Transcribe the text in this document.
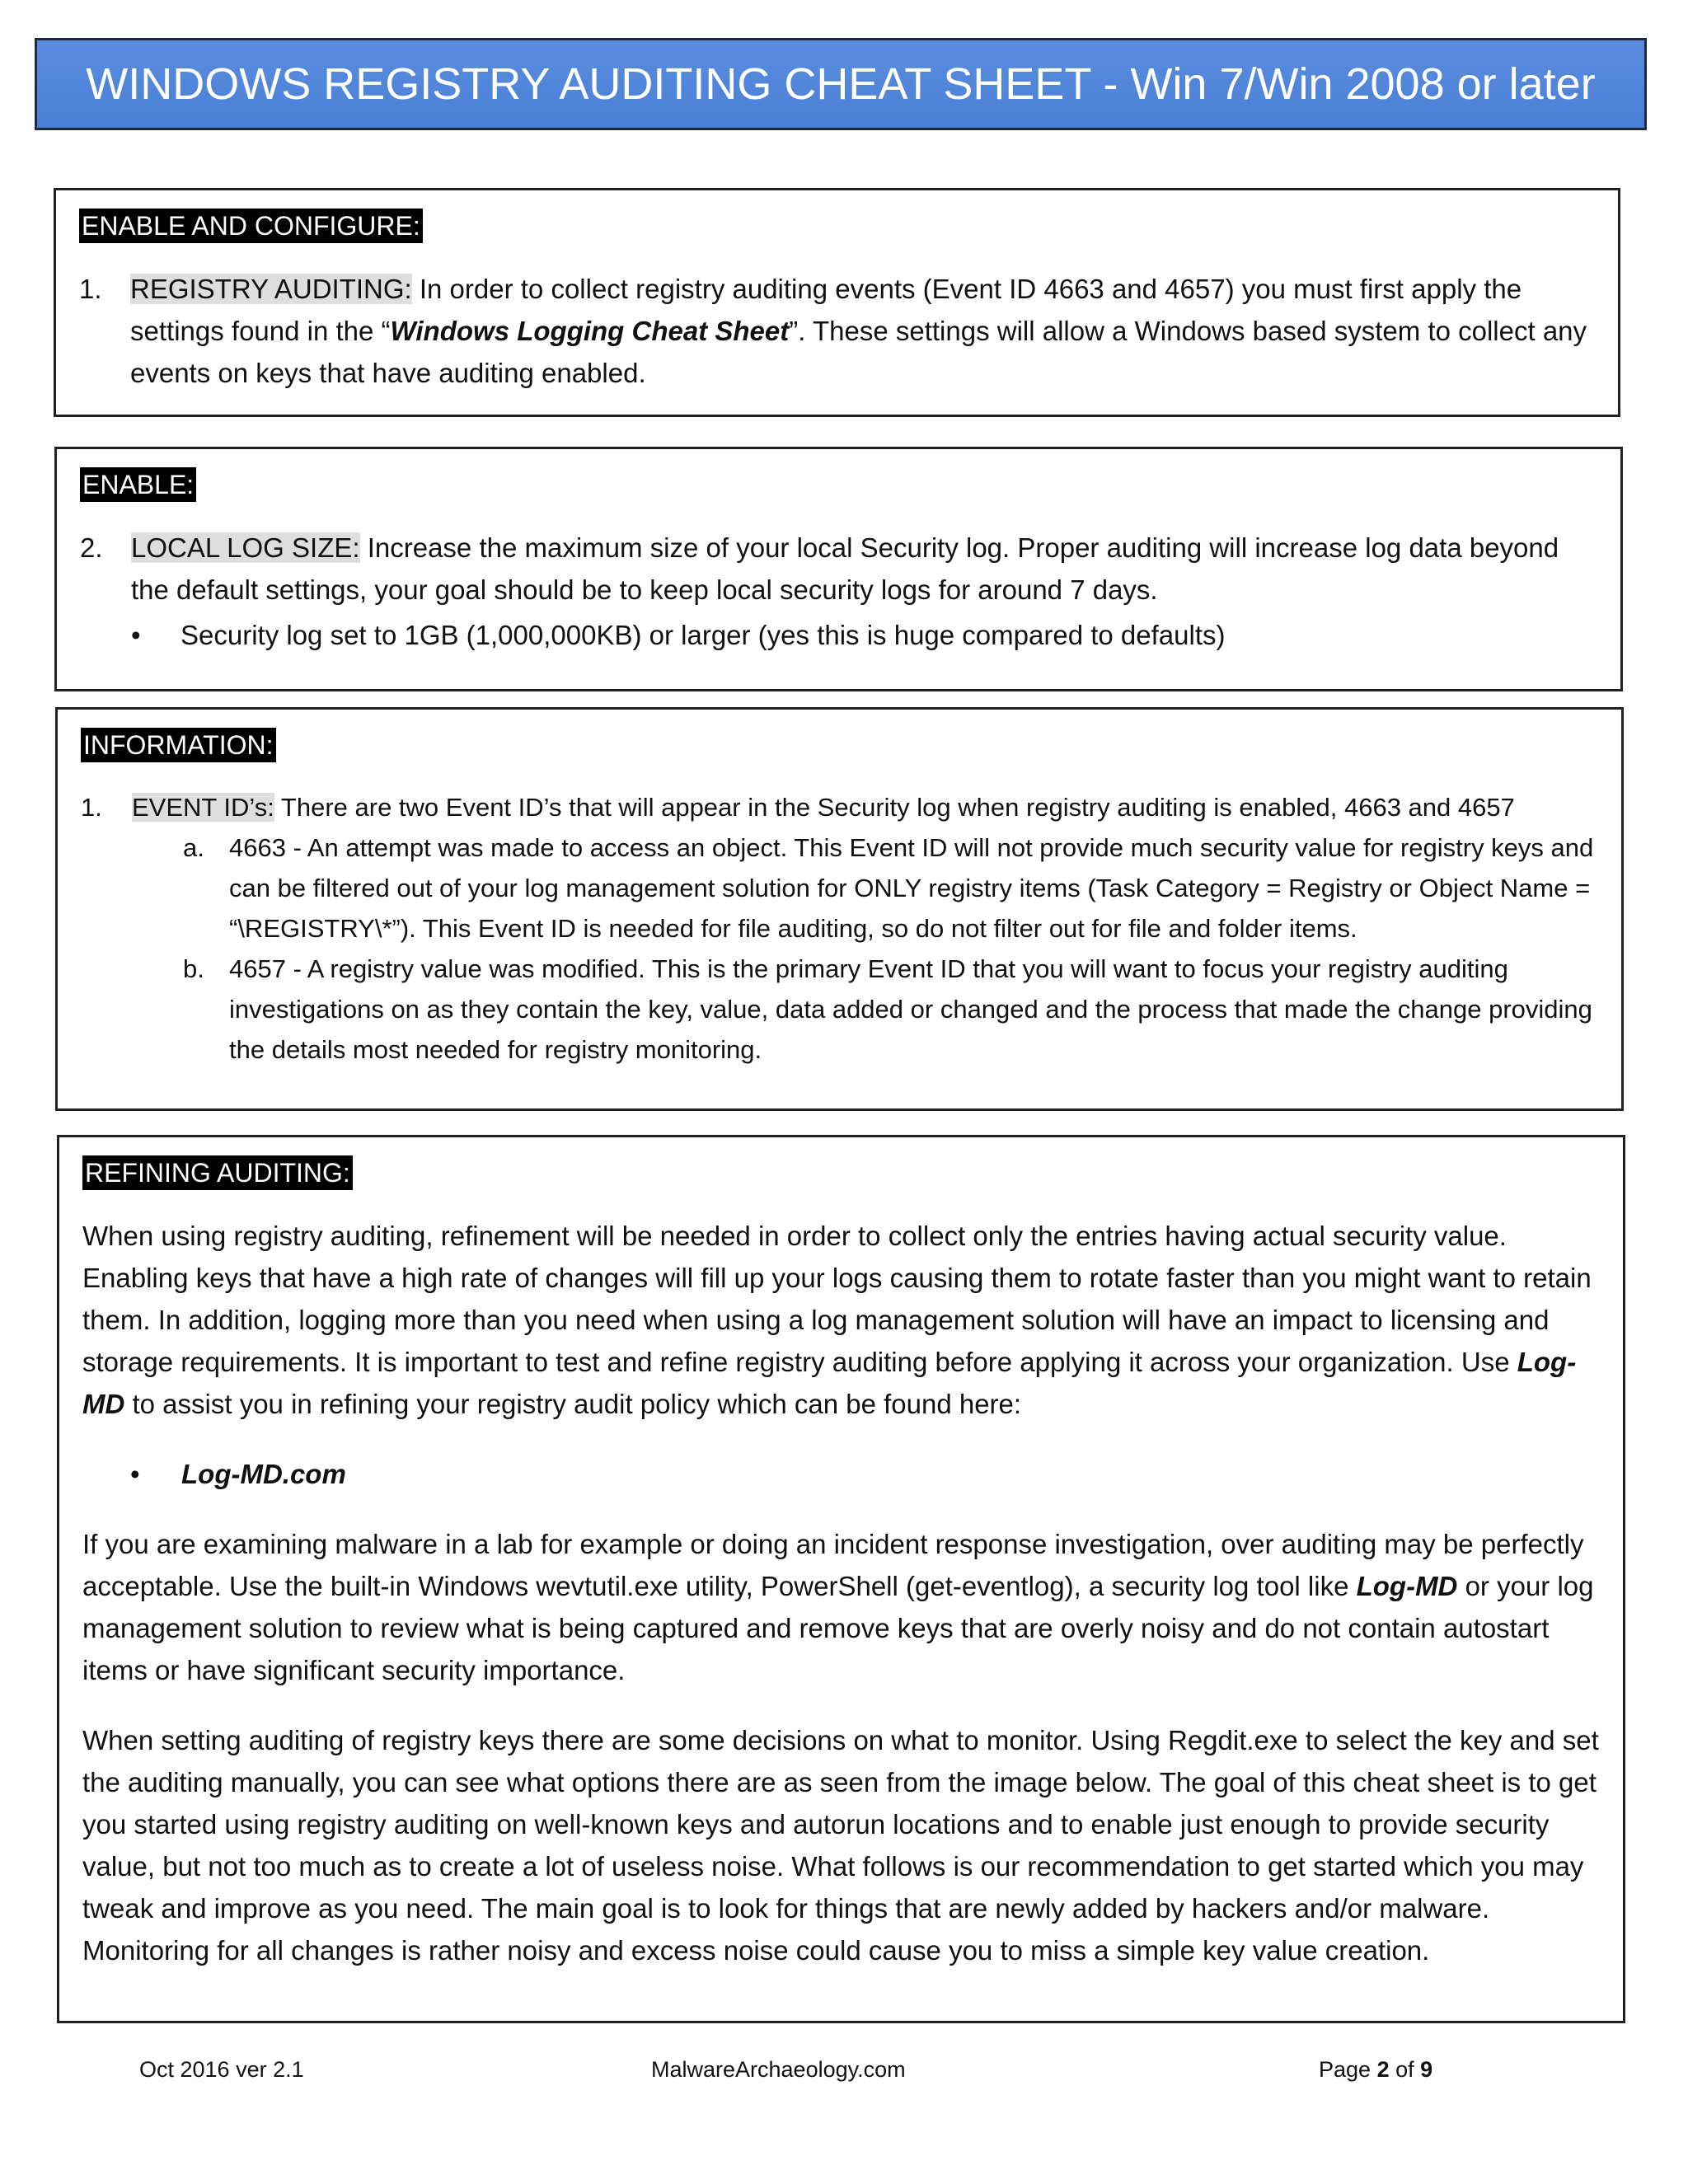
WINDOWS REGISTRY AUDITING CHEAT SHEET - Win 7/Win 2008 or later
ENABLE AND CONFIGURE:
1. REGISTRY AUDITING: In order to collect registry auditing events (Event ID 4663 and 4657) you must first apply the settings found in the “Windows Logging Cheat Sheet”. These settings will allow a Windows based system to collect any events on keys that have auditing enabled.

ENABLE:
2. LOCAL LOG SIZE: Increase the maximum size of your local Security log. Proper auditing will increase log data beyond the default settings, your goal should be to keep local security logs for around 7 days.

• Security log set to 1GB (1,000,000KB) or larger (yes this is huge compared to defaults)

INFORMATION:
1. EVENT ID’s: There are two Event ID’s that will appear in the Security log when registry auditing is enabled, 4663 and 4657

a. 4663 - An attempt was made to access an object. This Event ID will not provide much security value for registry keys and can be filtered out of your log management solution for ONLY registry items (Task Category = Registry or Object Name = “\REGISTRY\*”). This Event ID is needed for file auditing, so do not filter out for file and folder items.

b. 4657 - A registry value was modified. This is the primary Event ID that you will want to focus your registry auditing investigations on as they contain the key, value, data added or changed and the process that made the change providing the details most needed for registry monitoring.

REFINING AUDITING:

When using registry auditing, refinement will be needed in order to collect only the entries having actual security value. Enabling keys that have a high rate of changes will fill up your logs causing them to rotate faster than you might want to retain them. In addition, logging more than you need when using a log management solution will have an impact to licensing and storage requirements. It is important to test and refine registry auditing before applying it across your organization. Use Log-MD to assist you in refining your registry audit policy which can be found here:

• Log-MD.com

If you are examining malware in a lab for example or doing an incident response investigation, over auditing may be perfectly acceptable. Use the built-in Windows wevtutil.exe utility, PowerShell (get-eventlog), a security log tool like Log-MD or your log management solution to review what is being captured and remove keys that are overly noisy and do not contain autostart items or have significant security importance.

When setting auditing of registry keys there are some decisions on what to monitor. Using Regdit.exe to select the key and set the auditing manually, you can see what options there are as seen from the image below. The goal of this cheat sheet is to get you started using registry auditing on well-known keys and autorun locations and to enable just enough to provide security value, but not too much as to create a lot of useless noise. What follows is our recommendation to get started which you may tweak and improve as you need. The main goal is to look for things that are newly added by hackers and/or malware. Monitoring for all changes is rather noisy and excess noise could cause you to miss a simple key value creation.

Oct 2016 ver 2.1	MalwareArchaeology.com	Page 2 of 9
